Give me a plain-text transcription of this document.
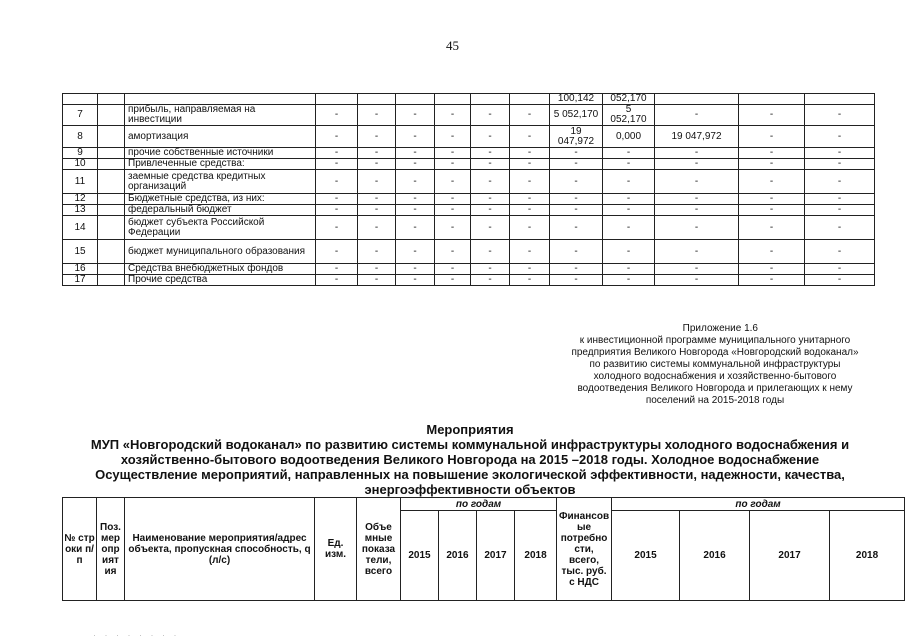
45
									100,142	052,170			
7		прибыль, направляемая на инвестиции	-	-	-	-	-	-	5 052,170	5
052,170	-	-	-
8		амортизация	-	-	-	-	-	-	19
047,972	0,000	19 047,972	-	-
9		прочие собственные источники	-	-	-	-	-	-	-	-	-	-	-
10		Привлеченные средства:	-	-	-	-	-	-	-	-	-	-	-
11		заемные средства кредитных организаций	-	-	-	-	-	-	-	-	-	-	-
12		Бюджетные средства, из них:	-	-	-	-	-	-	-	-	-	-	-
13		федеральный бюджет	-	-	-	-	-	-	-	-	-	-	-
14		бюджет субъекта Российской Федерации	-	-	-	-	-	-	-	-	-	-	-
15		бюджет муниципального образования	-	-	-	-	-	-	-	-	-	-	-
16		Средства внебюджетных фондов	-	-	-	-	-	-	-	-	-	-	-
17		Прочие средства	-	-	-	-	-	-	-	-	-	-	-
Приложение 1.6
к инвестиционной программе муниципального унитарного
предприятия Великого Новгорода «Новгородский водоканал»
по развитию системы коммунальной инфраструктуры
холодного водоснабжения и хозяйственно-бытового
водоотведения Великого Новгорода и прилегающих к нему
поселений на 2015-2018 годы
Мероприятия
МУП «Новгородский водоканал» по развитию системы коммунальной инфраструктуры холодного водоснабжения и
хозяйственно-бытового водоотведения Великого Новгорода на 2015 –2018 годы. Холодное водоснабжение
Осуществление мероприятий, направленных на повышение экологической эффективности, надежности, качества,
энергоэффективности объектов
№ стр оки п/п	Поз. мер опр ият ия	Наименование мероприятия/адрес объекта, пропускная способность, q (л/с)	Ед. изм.	Объе мные показа тели, всего	по годам				Финансов ые потребно сти, всего, тыс. руб. с НДС	по годам			
					2015	2016	2017	2018		2015	2016	2017	2018
· · · · · · · ·
